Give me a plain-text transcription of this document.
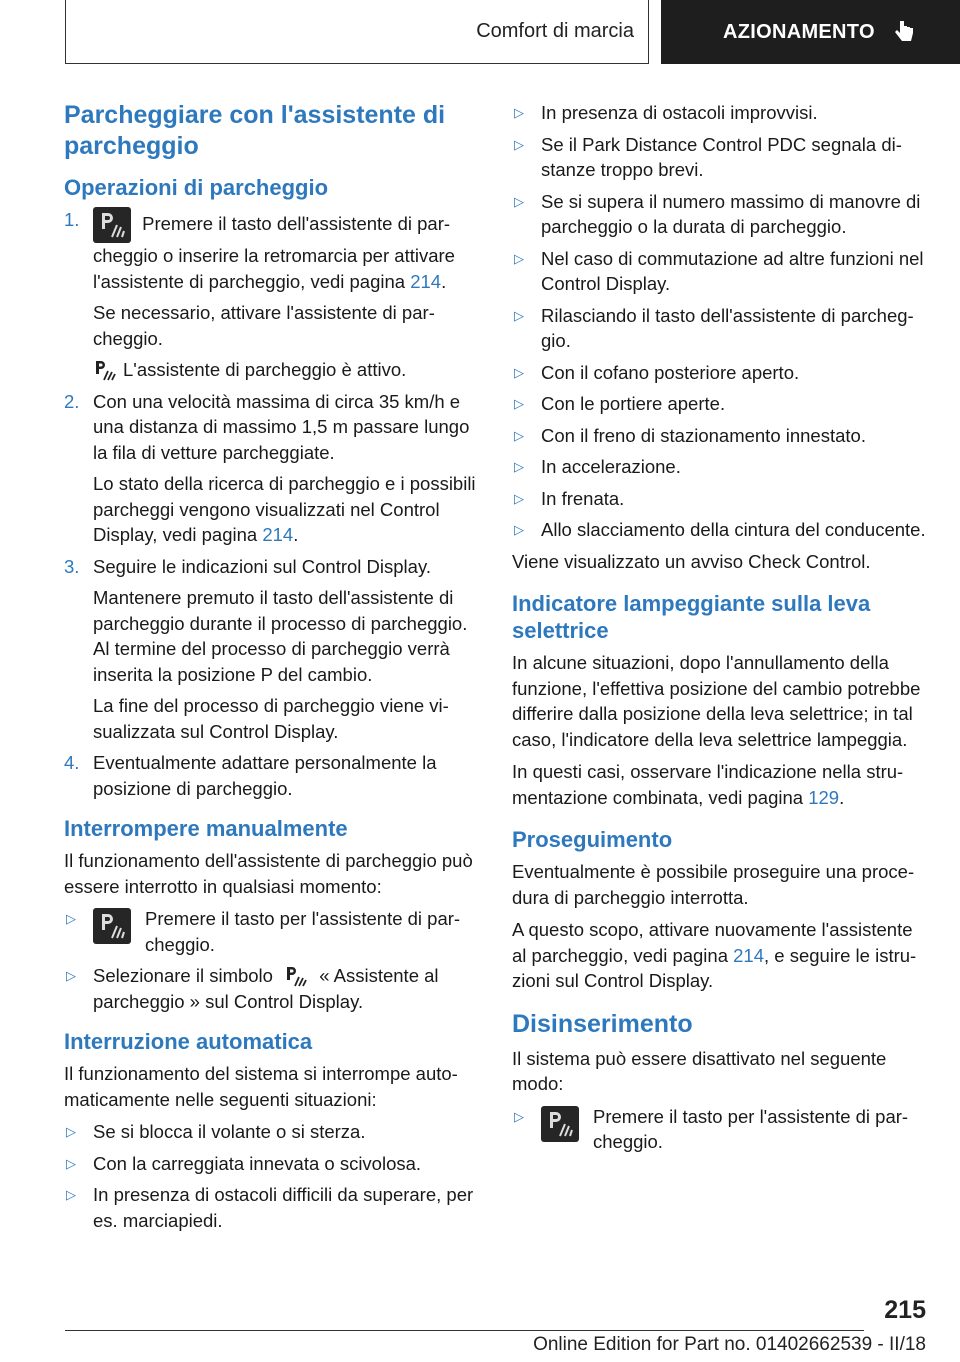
Comfort di marcia	AZIONAMENTO
Parcheggiare con l'assistente di parcheggio
Operazioni di parcheggio
1.	Premere il tasto dell'assistente di parcheggio o inserire la retromarcia per attivare l'assistente di parcheggio, vedi pagina 214.

Se necessario, attivare l'assistente di parcheggio.

L'assistente di parcheggio è attivo.

2. Con una velocità massima di circa 35 km/h e una distanza di massimo 1,5 m passare lungo la fila di vetture parcheggiate.

Lo stato della ricerca di parcheggio e i possibili parcheggi vengono visualizzati nel Control Display, vedi pagina 214.

3. Seguire le indicazioni sul Control Display.

Mantenere premuto il tasto dell'assistente di parcheggio durante il processo di parcheggio. Al termine del processo di parcheggio verrà inserita la posizione P del cambio.

La fine del processo di parcheggio viene visualizzata sul Control Display.

4. Eventualmente adattare personalmente la posizione di parcheggio.

Interrompere manualmente

Il funzionamento dell'assistente di parcheggio può essere interrotto in qualsiasi momento:

▷ Premere il tasto per l'assistente di parcheggio.
▷ Selezionare il simbolo	« Assistente al parcheggio » sul Control Display.
Interruzione automatica

Il funzionamento del sistema si interrompe automaticamente nelle seguenti situazioni:

▷ Se si blocca il volante o si sterza.
▷ Con la carreggiata innevata o scivolosa.
▷ In presenza di ostacoli difficili da superare, per es. marciapiedi.
▷ In presenza di ostacoli improvvisi.
▷ Se il Park Distance Control PDC segnala distanze troppo brevi.
▷ Se si supera il numero massimo di manovre di parcheggio o la durata di parcheggio.
▷ Nel caso di commutazione ad altre funzioni nel Control Display.
▷ Rilasciando il tasto dell'assistente di parcheggio.
▷ Con il cofano posteriore aperto.
▷ Con le portiere aperte.
▷ Con il freno di stazionamento innestato.
▷ In accelerazione.
▷ In frenata.
▷ Allo slacciamento della cintura del conducente.

Viene visualizzato un avviso Check Control.

Indicatore lampeggiante sulla leva selettrice

In alcune situazioni, dopo l'annullamento della funzione, l'effettiva posizione del cambio potrebbe differire dalla posizione della leva selettrice; in tal caso, l'indicatore della leva selettrice lampeggia.

In questi casi, osservare l'indicazione nella strumentazione combinata, vedi pagina 129.

Proseguimento

Eventualmente è possibile proseguire una procedura di parcheggio interrotta.

A questo scopo, attivare nuovamente l'assistente al parcheggio, vedi pagina 214, e seguire le istruzioni sul Control Display.

Disinserimento

Il sistema può essere disattivato nel seguente modo:

▷ Premere il tasto per l'assistente di parcheggio.
215
Online Edition for Part no. 01402662539 - II/18
